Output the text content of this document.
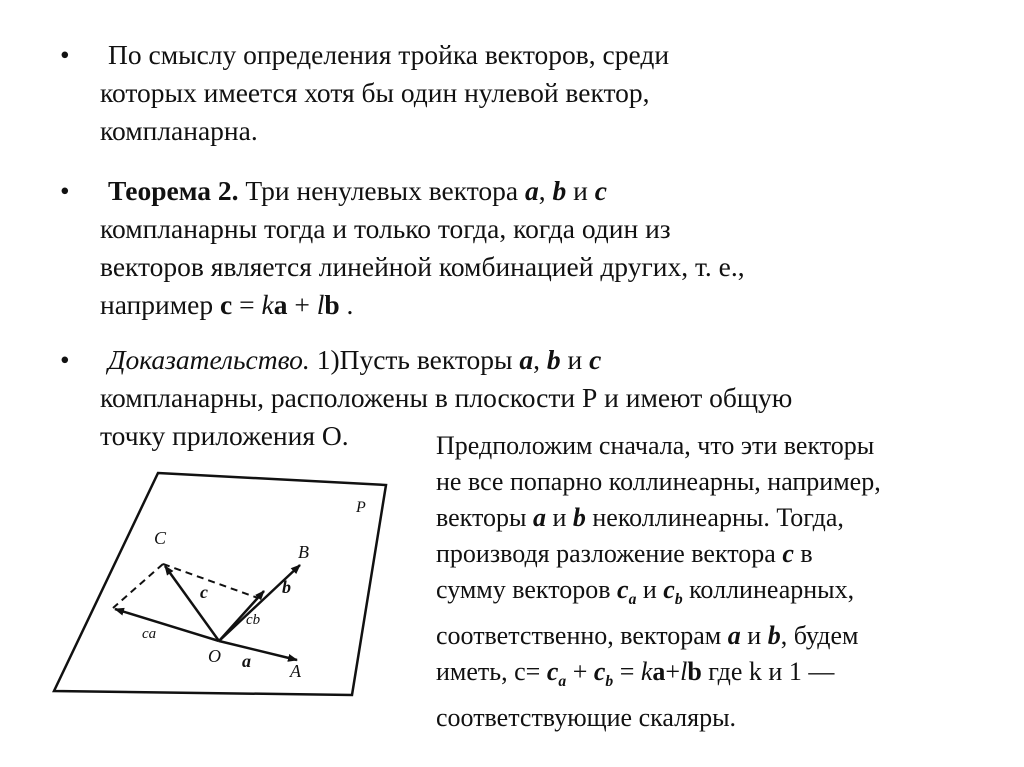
•	По смыслу определения тройка векторов, среди
которых имеется хотя бы один нулевой вектор,
компланарна.
•	Теорема 2. Три ненулевых вектора a, b и c
компланарны тогда и только тогда, когда один из
векторов является линейной комбинацией других, т. е.,
например c = ka + lb .
•	Доказательство. 1)Пусть векторы a, b и c
компланарны, расположены в плоскости Р и имеют общую
точку приложения О.	Предположим сначала, что эти векторы
не все попарно коллинеарны, например,
векторы a и b неколлинеарны. Тогда,
производя разложение вектора c в
сумму векторов $c_a$ и $c_b$ коллинеарных,
соответственно, векторам a и b, будем
иметь, $с= c_a + c_b = ka+lb$ где k и 1 —
соответствующие скаляры.
P
O
A
B
C
a
b
c
ca
cb
